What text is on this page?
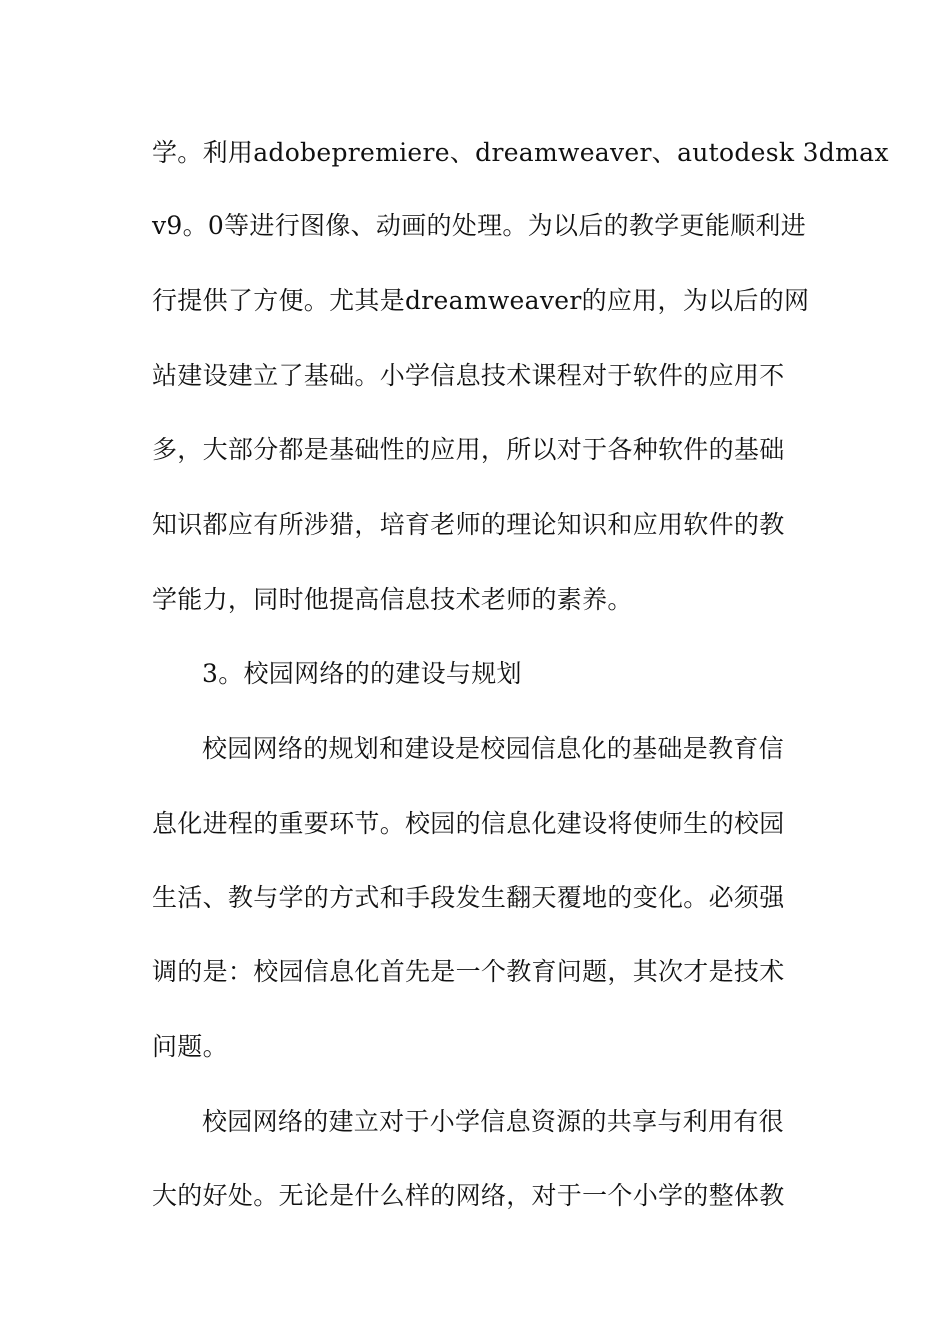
学。利用adobepremiere、dreamweaver、autodesk 3dmax
v9。0等进行图像、动画的处理。为以后的教学更能顺利进
行提供了方便。尤其是dreamweaver的应用，为以后的网
站建设建立了基础。小学信息技术课程对于软件的应用不
多，大部分都是基础性的应用，所以对于各种软件的基础
知识都应有所涉猎，培育老师的理论知识和应用软件的教
学能力，同时他提高信息技术老师的素养。
3。校园网络的的建设与规划
校园网络的规划和建设是校园信息化的基础是教育信
息化进程的重要环节。校园的信息化建设将使师生的校园
生活、教与学的方式和手段发生翻天覆地的变化。必须强
调的是：校园信息化首先是一个教育问题，其次才是技术
问题。
校园网络的建立对于小学信息资源的共享与利用有很
大的好处。无论是什么样的网络，对于一个小学的整体教
